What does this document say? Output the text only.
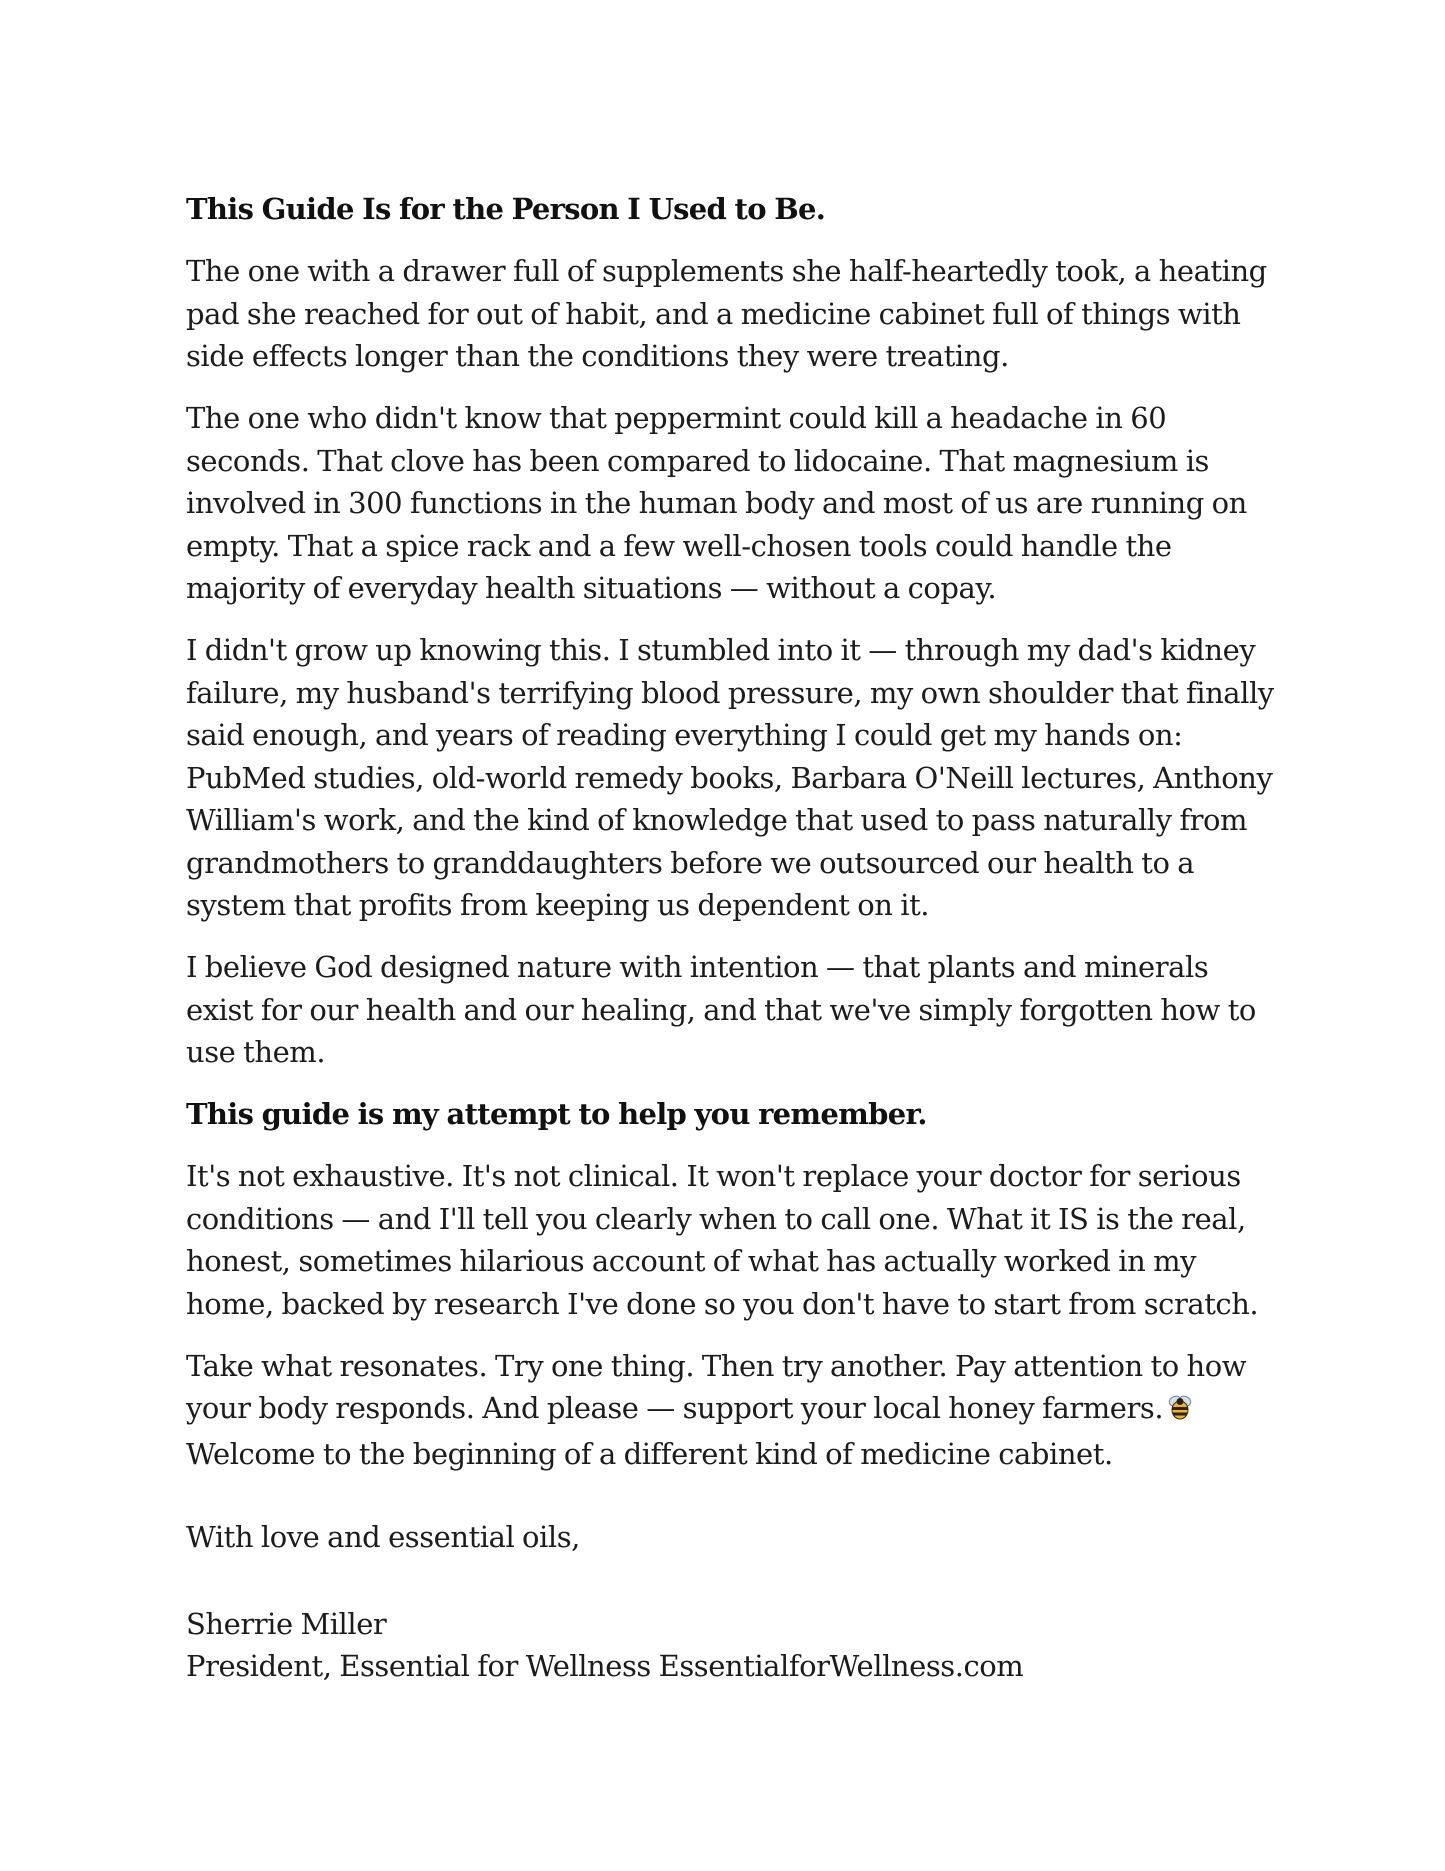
This Guide Is for the Person I Used to Be.

The one with a drawer full of supplements she half-heartedly took, a heating pad she reached for out of habit, and a medicine cabinet full of things with side effects longer than the conditions they were treating.

The one who didn't know that peppermint could kill a headache in 60 seconds. That clove has been compared to lidocaine. That magnesium is involved in 300 functions in the human body and most of us are running on empty. That a spice rack and a few well-chosen tools could handle the majority of everyday health situations — without a copay.

I didn't grow up knowing this. I stumbled into it — through my dad's kidney failure, my husband's terrifying blood pressure, my own shoulder that finally said enough, and years of reading everything I could get my hands on: PubMed studies, old-world remedy books, Barbara O'Neill lectures, Anthony William's work, and the kind of knowledge that used to pass naturally from grandmothers to granddaughters before we outsourced our health to a system that profits from keeping us dependent on it.

I believe God designed nature with intention — that plants and minerals exist for our health and our healing, and that we've simply forgotten how to use them.

This guide is my attempt to help you remember.

It's not exhaustive. It's not clinical. It won't replace your doctor for serious conditions — and I'll tell you clearly when to call one. What it IS is the real, honest, sometimes hilarious account of what has actually worked in my home, backed by research I've done so you don't have to start from scratch.

Take what resonates. Try one thing. Then try another. Pay attention to how your body responds. And please — support your local honey farmers.
Welcome to the beginning of a different kind of medicine cabinet.

With love and essential oils,

Sherrie Miller

President, Essential for Wellness EssentialforWellness.com
